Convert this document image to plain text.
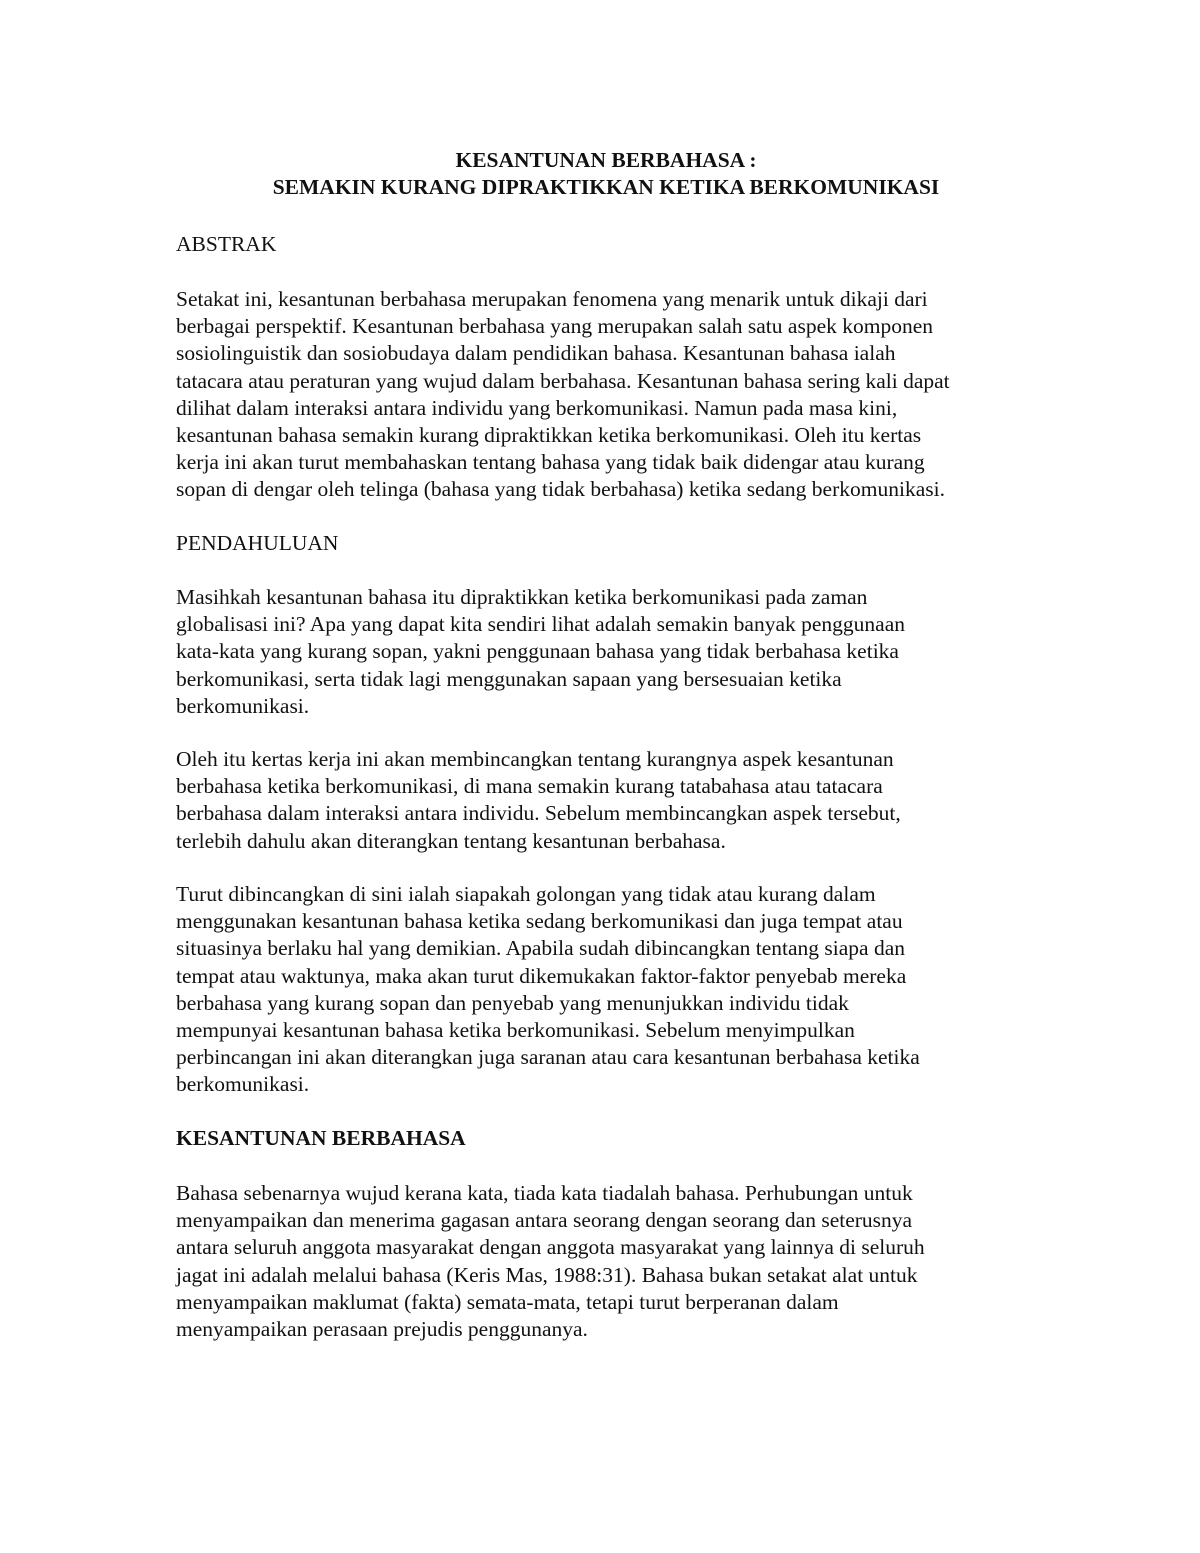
KESANTUNAN BERBAHASA :
SEMAKIN KURANG DIPRAKTIKKAN KETIKA BERKOMUNIKASI
ABSTRAK
Setakat ini, kesantunan berbahasa merupakan fenomena yang menarik untuk dikaji dari
berbagai perspektif. Kesantunan berbahasa yang merupakan salah satu aspek komponen
sosiolinguistik dan sosiobudaya dalam pendidikan bahasa. Kesantunan bahasa ialah
tatacara atau peraturan yang wujud dalam berbahasa. Kesantunan bahasa sering kali dapat
dilihat dalam interaksi antara individu yang berkomunikasi. Namun pada masa kini,
kesantunan bahasa semakin kurang dipraktikkan ketika berkomunikasi. Oleh itu kertas
kerja ini akan turut membahaskan tentang bahasa yang tidak baik didengar atau kurang
sopan di dengar oleh telinga (bahasa yang tidak berbahasa) ketika sedang berkomunikasi.
PENDAHULUAN
Masihkah kesantunan bahasa itu dipraktikkan ketika berkomunikasi pada zaman
globalisasi ini? Apa yang dapat kita sendiri lihat adalah semakin banyak penggunaan
kata-kata yang kurang sopan, yakni penggunaan bahasa yang tidak berbahasa ketika
berkomunikasi, serta tidak lagi menggunakan sapaan yang bersesuaian ketika
berkomunikasi.
Oleh itu kertas kerja ini akan membincangkan tentang kurangnya aspek kesantunan
berbahasa ketika berkomunikasi, di mana semakin kurang tatabahasa atau tatacara
berbahasa dalam interaksi antara individu. Sebelum membincangkan aspek tersebut,
terlebih dahulu akan diterangkan tentang kesantunan berbahasa.
Turut dibincangkan di sini ialah siapakah golongan yang tidak atau kurang dalam
menggunakan kesantunan bahasa ketika sedang berkomunikasi dan juga tempat atau
situasinya berlaku hal yang demikian. Apabila sudah dibincangkan tentang siapa dan
tempat atau waktunya, maka akan turut dikemukakan faktor-faktor penyebab mereka
berbahasa yang kurang sopan dan penyebab yang menunjukkan individu tidak
mempunyai kesantunan bahasa ketika berkomunikasi. Sebelum menyimpulkan
perbincangan ini akan diterangkan juga saranan atau cara kesantunan berbahasa ketika
berkomunikasi.
KESANTUNAN BERBAHASA
Bahasa sebenarnya wujud kerana kata, tiada kata tiadalah bahasa. Perhubungan untuk
menyampaikan dan menerima gagasan antara seorang dengan seorang dan seterusnya
antara seluruh anggota masyarakat dengan anggota masyarakat yang lainnya di seluruh
jagat ini adalah melalui bahasa (Keris Mas, 1988:31). Bahasa bukan setakat alat untuk
menyampaikan maklumat (fakta) semata-mata, tetapi turut berperanan dalam
menyampaikan perasaan prejudis penggunanya.
